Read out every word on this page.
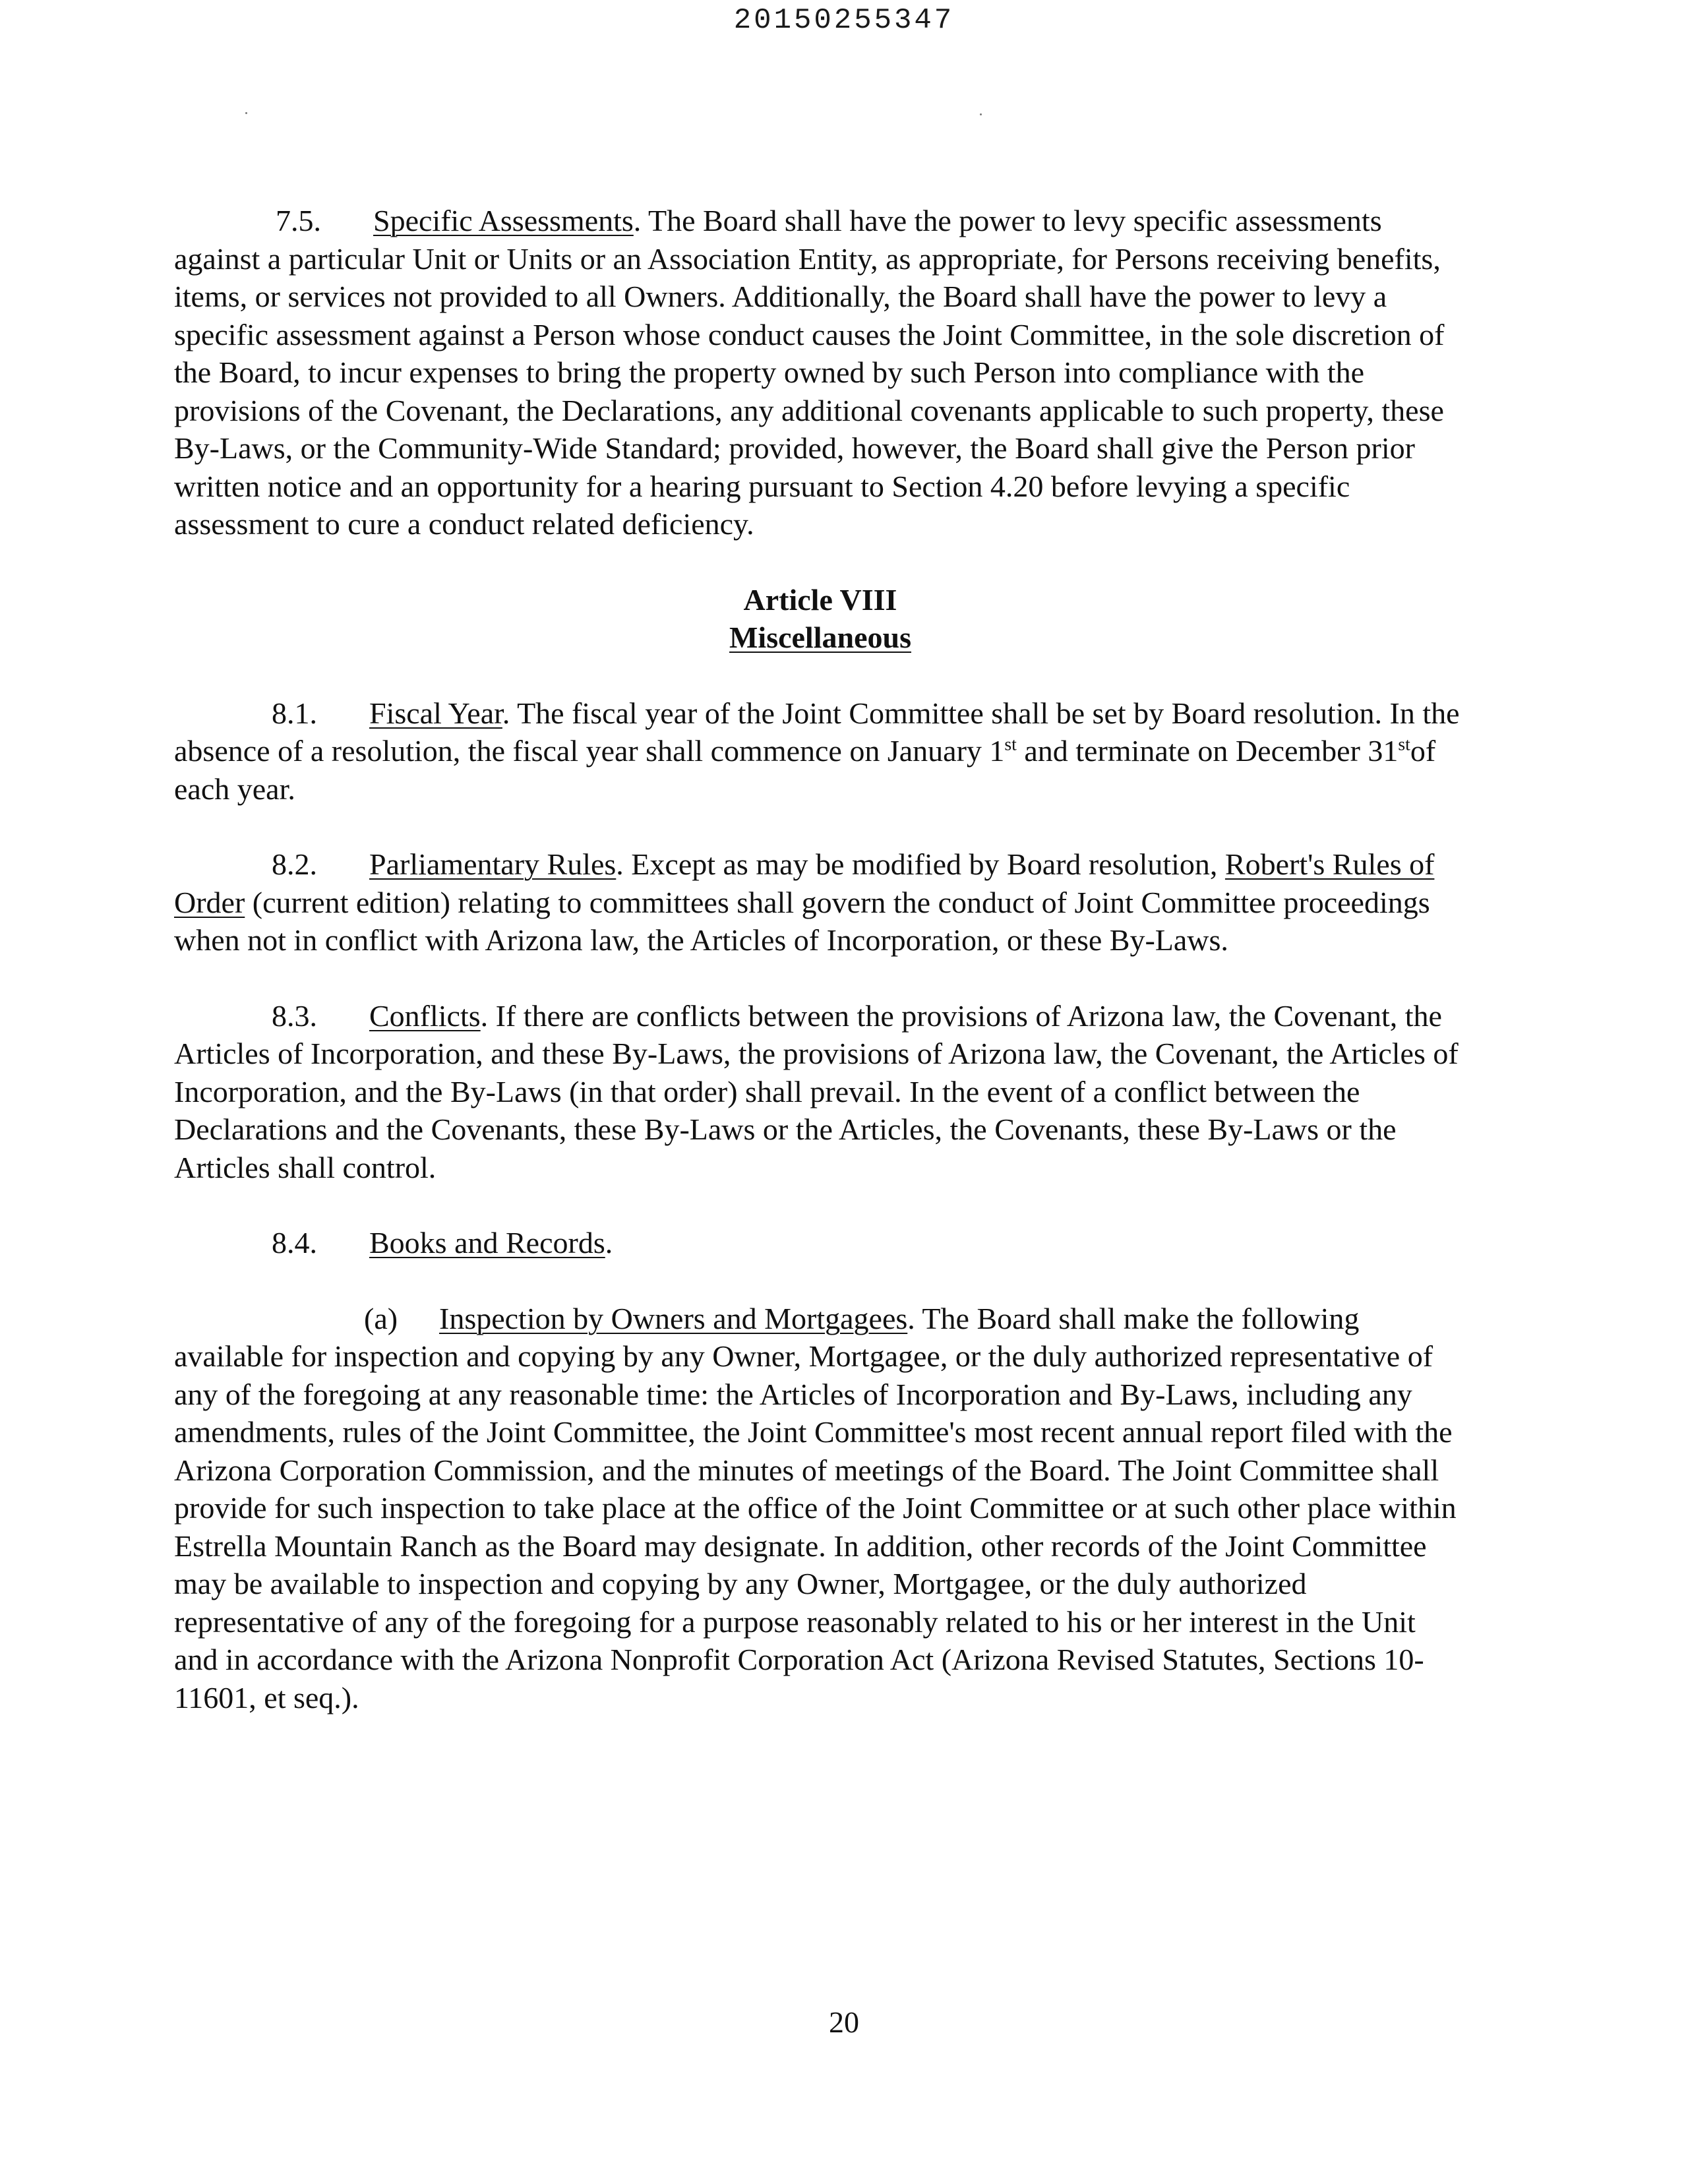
20150255347

7.5. Specific Assessments. The Board shall have the power to levy specific assessments against a particular Unit or Units or an Association Entity, as appropriate, for Persons receiving benefits, items, or services not provided to all Owners. Additionally, the Board shall have the power to levy a specific assessment against a Person whose conduct causes the Joint Committee, in the sole discretion of the Board, to incur expenses to bring the property owned by such Person into compliance with the provisions of the Covenant, the Declarations, any additional covenants applicable to such property, these By-Laws, or the Community-Wide Standard; provided, however, the Board shall give the Person prior written notice and an opportunity for a hearing pursuant to Section 4.20 before levying a specific assessment to cure a conduct related deficiency.

Article VIII
Miscellaneous

8.1. Fiscal Year. The fiscal year of the Joint Committee shall be set by Board resolution. In the absence of a resolution, the fiscal year shall commence on January 1st and terminate on December 31stof each year.

8.2. Parliamentary Rules. Except as may be modified by Board resolution, Robert's Rules of Order (current edition) relating to committees shall govern the conduct of Joint Committee proceedings when not in conflict with Arizona law, the Articles of Incorporation, or these By-Laws.

8.3. Conflicts. If there are conflicts between the provisions of Arizona law, the Covenant, the Articles of Incorporation, and these By-Laws, the provisions of Arizona law, the Covenant, the Articles of Incorporation, and the By-Laws (in that order) shall prevail. In the event of a conflict between the Declarations and the Covenants, these By-Laws or the Articles, the Covenants, these By-Laws or the Articles shall control.

8.4. Books and Records.

(a) Inspection by Owners and Mortgagees. The Board shall make the following available for inspection and copying by any Owner, Mortgagee, or the duly authorized representative of any of the foregoing at any reasonable time: the Articles of Incorporation and By-Laws, including any amendments, rules of the Joint Committee, the Joint Committee's most recent annual report filed with the Arizona Corporation Commission, and the minutes of meetings of the Board. The Joint Committee shall provide for such inspection to take place at the office of the Joint Committee or at such other place within Estrella Mountain Ranch as the Board may designate. In addition, other records of the Joint Committee may be available to inspection and copying by any Owner, Mortgagee, or the duly authorized representative of any of the foregoing for a purpose reasonably related to his or her interest in the Unit and in accordance with the Arizona Nonprofit Corporation Act (Arizona Revised Statutes, Sections 10-11601, et seq.).

20
